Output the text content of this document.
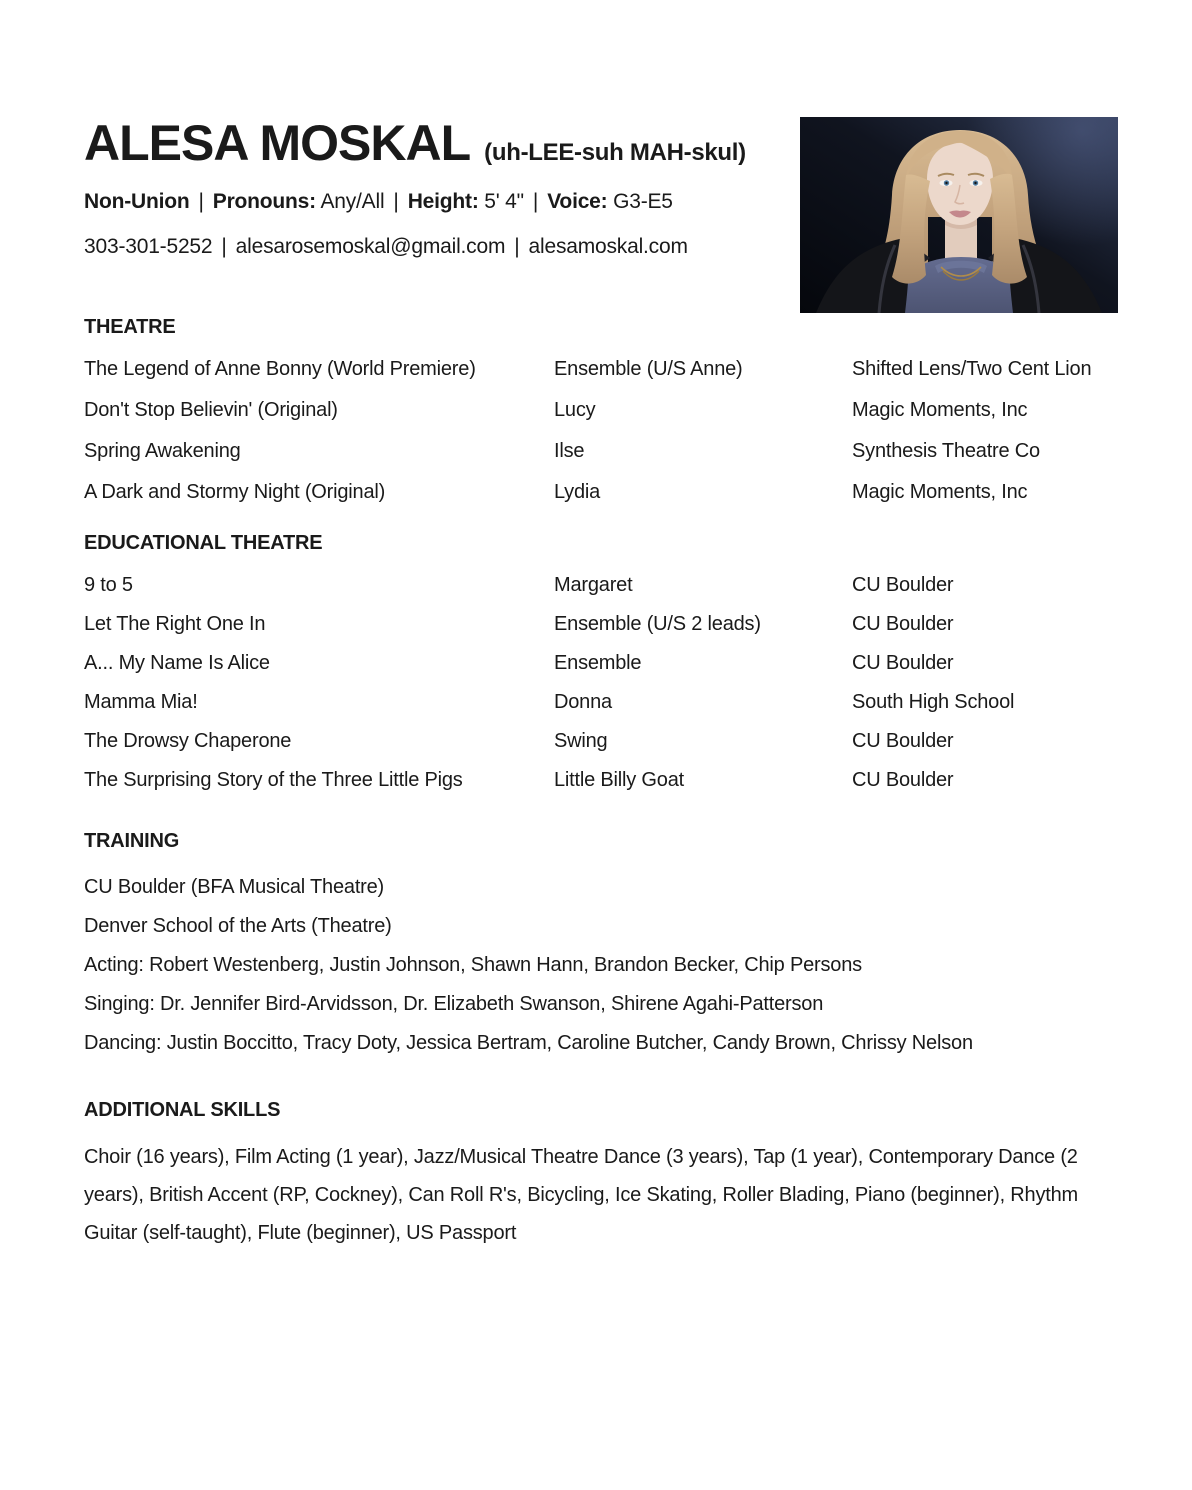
ALESA MOSKAL (uh-LEE-suh MAH-skul)
Non-Union | Pronouns: Any/All | Height: 5' 4" | Voice: G3-E5
303-301-5252 | alesarosemoskal@gmail.com | alesamoskal.com
THEATRE
The Legend of Anne Bonny (World Premiere)	Ensemble (U/S Anne)	Shifted Lens/Two Cent Lion
Don't Stop Believin' (Original)	Lucy	Magic Moments, Inc
Spring Awakening	Ilse	Synthesis Theatre Co
A Dark and Stormy Night (Original)	Lydia	Magic Moments, Inc
EDUCATIONAL THEATRE
9 to 5	Margaret	CU Boulder
Let The Right One In	Ensemble (U/S 2 leads)	CU Boulder
A... My Name Is Alice	Ensemble	CU Boulder
Mamma Mia!	Donna	South High School
The Drowsy Chaperone	Swing	CU Boulder
The Surprising Story of the Three Little Pigs	Little Billy Goat	CU Boulder
TRAINING

CU Boulder (BFA Musical Theatre)

Denver School of the Arts (Theatre)

Acting: Robert Westenberg, Justin Johnson, Shawn Hann, Brandon Becker, Chip Persons

Singing: Dr. Jennifer Bird-Arvidsson, Dr. Elizabeth Swanson, Shirene Agahi-Patterson

Dancing: Justin Boccitto, Tracy Doty, Jessica Bertram, Caroline Butcher, Candy Brown, Chrissy Nelson

ADDITIONAL SKILLS
Choir (16 years), Film Acting (1 year), Jazz/Musical Theatre Dance (3 years), Tap (1 year), Contemporary Dance (2 years), British Accent (RP, Cockney), Can Roll R's, Bicycling, Ice Skating, Roller Blading, Piano (beginner), Rhythm Guitar (self-taught), Flute (beginner), US Passport
